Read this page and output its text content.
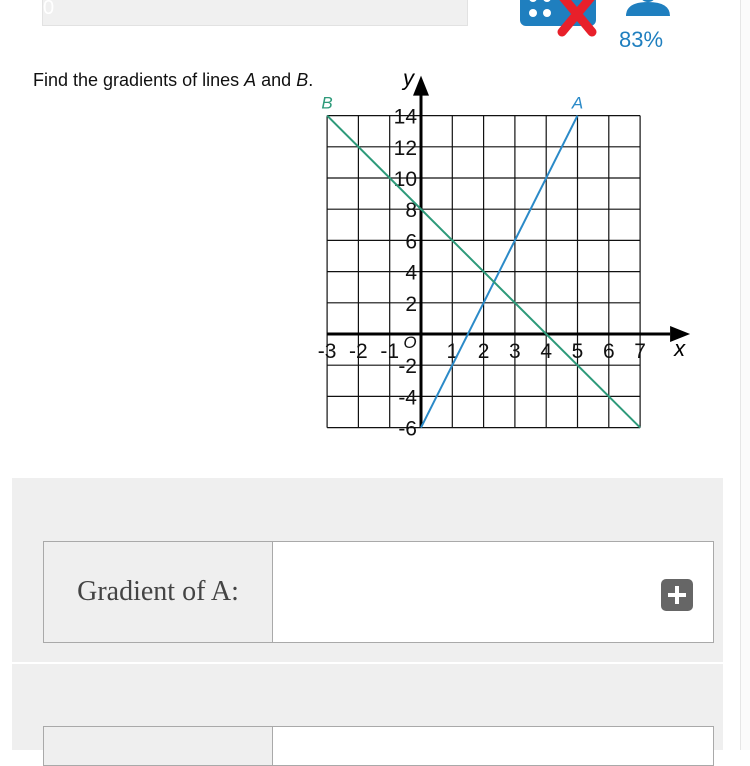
0
83%
Find the gradients of lines A and B.
x
y
-3 -2 -1 1 2 3 4 5 6 7
O
-6
-4
-2
2
4
6
8
10
12
14
A
B
Gradient of A:
